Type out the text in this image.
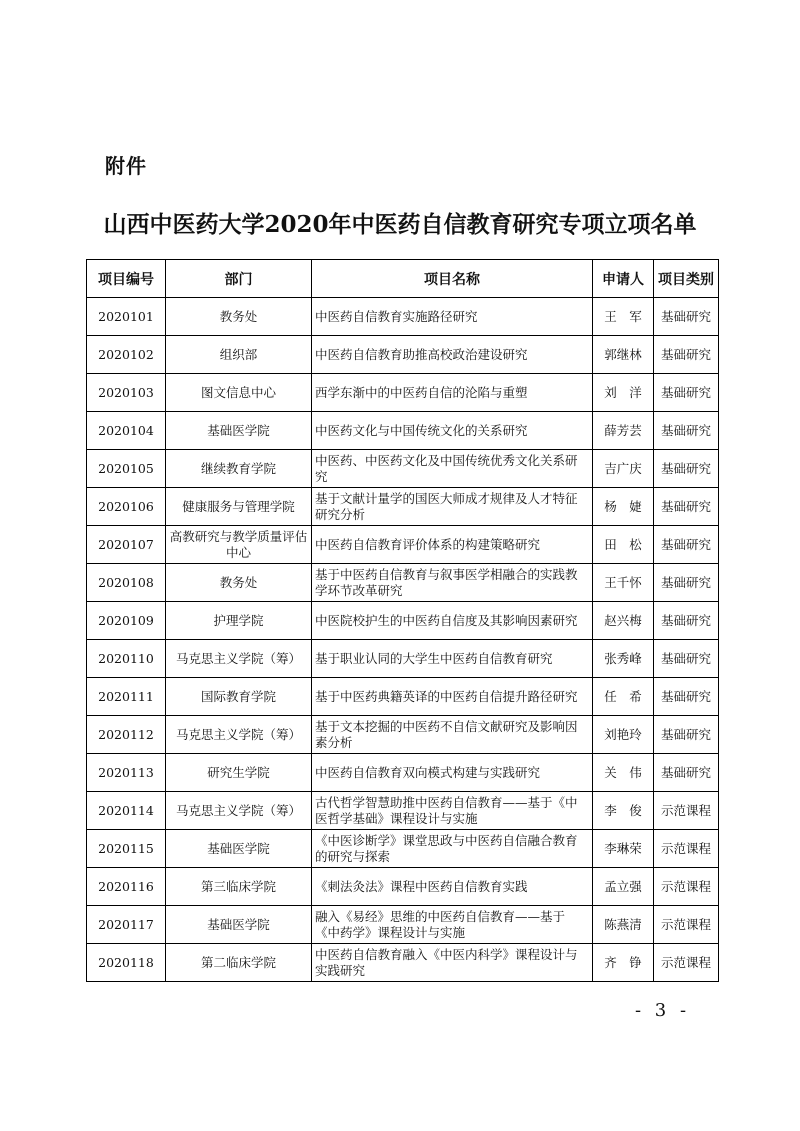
附件
山西中医药大学2020年中医药自信教育研究专项立项名单
项目编号	部门	项目名称	申请人	项目类别
2020101	教务处	中医药自信教育实施路径研究	王　军	基础研究
2020102	组织部	中医药自信教育助推高校政治建设研究	郭继林	基础研究
2020103	图文信息中心	西学东渐中的中医药自信的沦陷与重塑	刘　洋	基础研究
2020104	基础医学院	中医药文化与中国传统文化的关系研究	薛芳芸	基础研究
2020105	继续教育学院	中医药、中医药文化及中国传统优秀文化关系研究	吉广庆	基础研究
2020106	健康服务与管理学院	基于文献计量学的国医大师成才规律及人才特征研究分析	杨　婕	基础研究
2020107	高教研究与教学质量评估中心	中医药自信教育评价体系的构建策略研究	田　松	基础研究
2020108	教务处	基于中医药自信教育与叙事医学相融合的实践教学环节改革研究	王千怀	基础研究
2020109	护理学院	中医院校护生的中医药自信度及其影响因素研究	赵兴梅	基础研究
2020110	马克思主义学院（筹）	基于职业认同的大学生中医药自信教育研究	张秀峰	基础研究
2020111	国际教育学院	基于中医药典籍英译的中医药自信提升路径研究	任　希	基础研究
2020112	马克思主义学院（筹）	基于文本挖掘的中医药不自信文献研究及影响因素分析	刘艳玲	基础研究
2020113	研究生学院	中医药自信教育双向模式构建与实践研究	关　伟	基础研究
2020114	马克思主义学院（筹）	古代哲学智慧助推中医药自信教育——基于《中医哲学基础》课程设计与实施	李　俊	示范课程
2020115	基础医学院	《中医诊断学》课堂思政与中医药自信融合教育的研究与探索	李琳荣	示范课程
2020116	第三临床学院	《刺法灸法》课程中医药自信教育实践	孟立强	示范课程
2020117	基础医学院	融入《易经》思维的中医药自信教育——基于《中药学》课程设计与实施	陈燕清	示范课程
2020118	第二临床学院	中医药自信教育融入《中医内科学》课程设计与实践研究	齐　铮	示范课程
- 3 -
